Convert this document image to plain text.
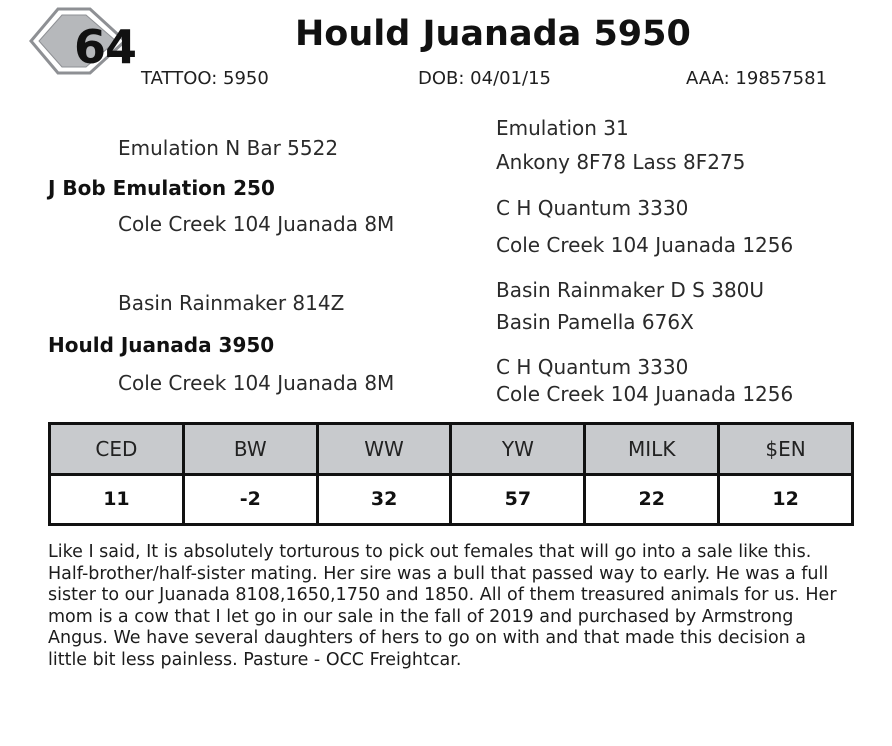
64	Hould Juanada 5950
TATTOO: 5950	DOB: 04/01/15	AAA: 19857581
Emulation N Bar 5522
J Bob Emulation 250
Cole Creek 104 Juanada 8M
Emulation 31
Ankony 8F78 Lass 8F275
C H Quantum 3330
Cole Creek 104 Juanada 1256
Basin Rainmaker 814Z
Hould Juanada 3950
Cole Creek 104 Juanada 8M
Basin Rainmaker D S 380U
Basin Pamella 676X
C H Quantum 3330
Cole Creek 104 Juanada 1256
CED	BW	WW	YW	MILK	$EN
11	-2	32	57	22	12
Like I said, It is absolutely torturous to pick out females that will go into a sale like this. Half-brother/half-sister mating. Her sire was a bull that passed way to early. He was a full sister to our Juanada 8108,1650,1750 and 1850. All of them treasured animals for us. Her mom is a cow that I let go in our sale in the fall of 2019 and purchased by Armstrong Angus. We have several daughters of hers to go on with and that made this decision a little bit less painless. Pasture - OCC Freightcar.
